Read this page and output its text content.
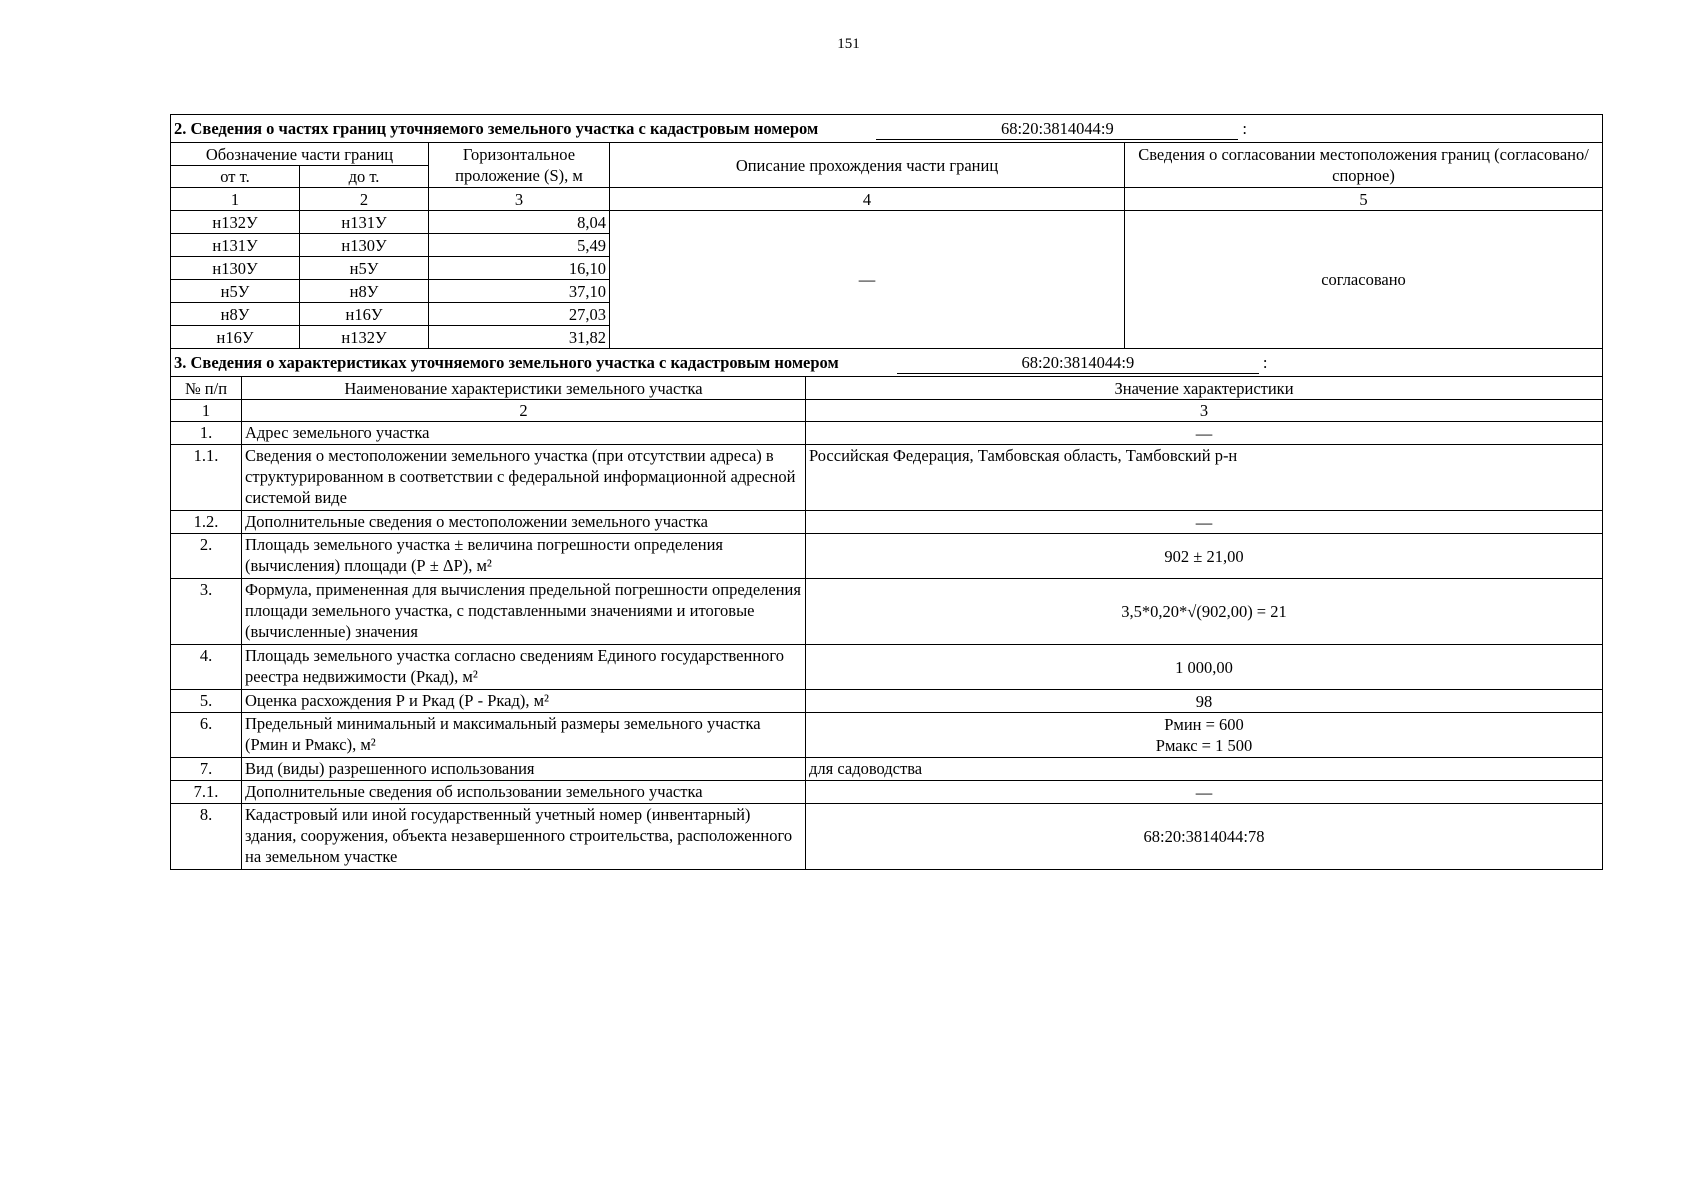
151
2. Сведения о частях границ уточняемого земельного участка с кадастровым номером 68:20:3814044:9 :				
Обозначение части границ		Горизонтальное проложение (S), м	Описание прохождения части границ	Сведения о согласовании местоположения границ (согласовано/спорное)
от т.	до т.			
1	2	3	4	5
н132У	н131У	8,04	—	согласовано
н131У	н130У	5,49		
н130У	н5У	16,10		
н5У	н8У	37,10		
н8У	н16У	27,03		
н16У	н132У	31,82		
3. Сведения о характеристиках уточняемого земельного участка с кадастровым номером 68:20:3814044:9 :		
№ п/п	Наименование характеристики земельного участка	Значение характеристики
1	2	3
1.	Адрес земельного участка	—
1.1.	Сведения о местоположении земельного участка (при отсутствии адреса) в структурированном в соответствии с федеральной информационной адресной системой виде	Российская Федерация, Тамбовская область, Тамбовский р-н
1.2.	Дополнительные сведения о местоположении земельного участка	—
2.	Площадь земельного участка ± величина погрешности определения (вычисления) площади (Р ± ΔР), м²	902 ± 21,00
3.	Формула, примененная для вычисления предельной погрешности определения площади земельного участка, с подставленными значениями и итоговые (вычисленные) значения	3,5*0,20*√(902,00) = 21
4.	Площадь земельного участка согласно сведениям Единого государственного реестра недвижимости (Ркад), м²	1 000,00
5.	Оценка расхождения Р и Ркад (Р - Ркад), м²	98
6.	Предельный минимальный и максимальный размеры земельного участка (Рмин и Рмакс), м²	Рмин = 600
Рмакс = 1 500

7.	Вид (виды) разрешенного использования	для садоводства
7.1.	Дополнительные сведения об использовании земельного участка	—
8.	Кадастровый или иной государственный учетный номер (инвентарный) здания, сооружения, объекта незавершенного строительства, расположенного на земельном участке	68:20:3814044:78
